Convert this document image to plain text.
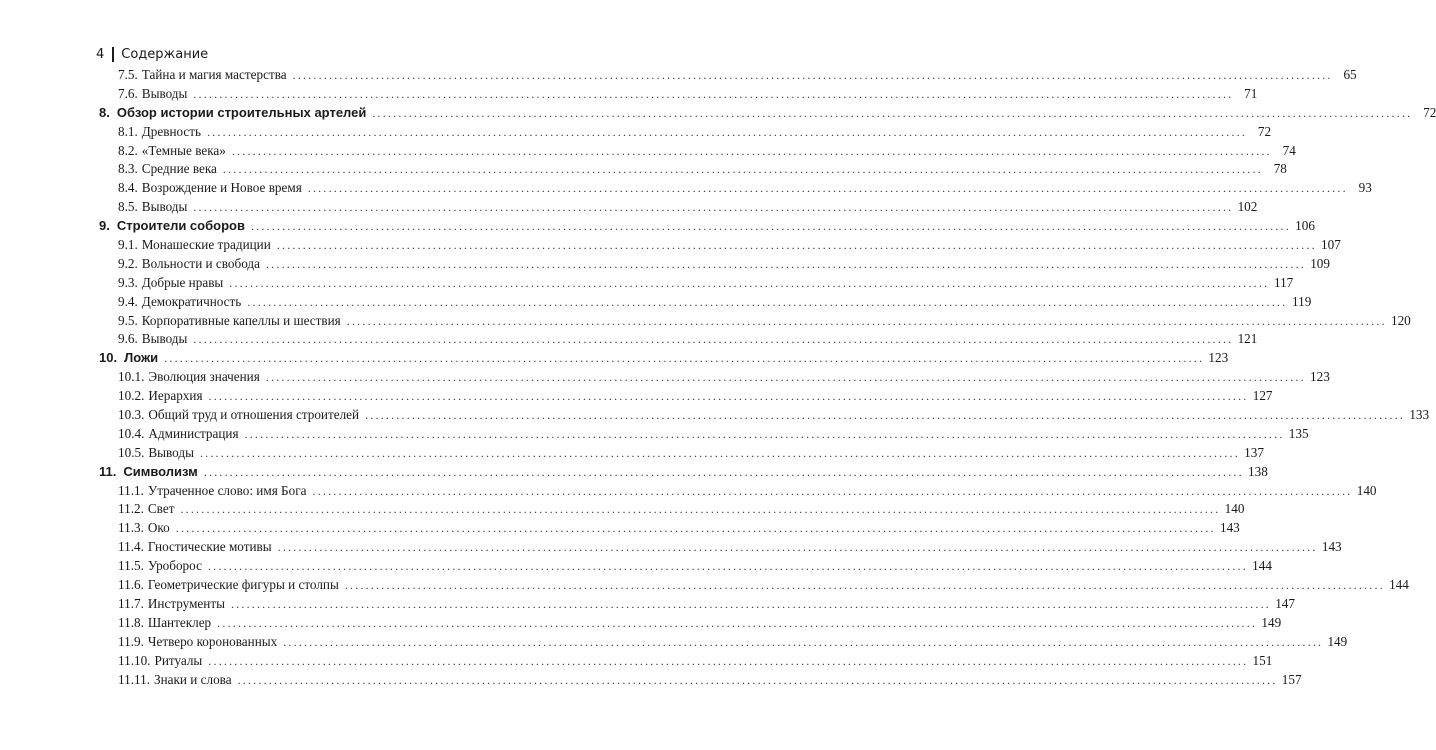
4 Содержание
7.5. Тайна и магия мастерства ........................................................................................................................................................................................................ 65
7.6. Выводы ........................................................................................................................................................................................................ 71
8. Обзор истории строительных артелей ........................................................................................................................................................................................................ 72
8.1. Древность ........................................................................................................................................................................................................ 72
8.2. «Темные века» ........................................................................................................................................................................................................ 74
8.3. Средние века ........................................................................................................................................................................................................ 78
8.4. Возрождение и Новое время ........................................................................................................................................................................................................ 93
8.5. Выводы ........................................................................................................................................................................................................ 102
9. Строители соборов ........................................................................................................................................................................................................ 106
9.1. Монашеские традиции ........................................................................................................................................................................................................ 107
9.2. Вольности и свобода ........................................................................................................................................................................................................ 109
9.3. Добрые нравы ........................................................................................................................................................................................................ 117
9.4. Демократичность ........................................................................................................................................................................................................ 119
9.5. Корпоративные капеллы и шествия ........................................................................................................................................................................................................ 120
9.6. Выводы ........................................................................................................................................................................................................ 121
10. Ложи ........................................................................................................................................................................................................ 123
10.1. Эволюция значения ........................................................................................................................................................................................................ 123
10.2. Иерархия ........................................................................................................................................................................................................ 127
10.3. Общий труд и отношения строителей ........................................................................................................................................................................................................ 133
10.4. Администрация ........................................................................................................................................................................................................ 135
10.5. Выводы ........................................................................................................................................................................................................ 137
11. Символизм ........................................................................................................................................................................................................ 138
11.1. Утраченное слово: имя Бога ........................................................................................................................................................................................................ 140
11.2. Свет ........................................................................................................................................................................................................ 140
11.3. Око ........................................................................................................................................................................................................ 143
11.4. Гностические мотивы ........................................................................................................................................................................................................ 143
11.5. Уроборос ........................................................................................................................................................................................................ 144
11.6. Геометрические фигуры и столпы ........................................................................................................................................................................................................ 144
11.7. Инструменты ........................................................................................................................................................................................................ 147
11.8. Шантеклер ........................................................................................................................................................................................................ 149
11.9. Четверо коронованных ........................................................................................................................................................................................................ 149
11.10. Ритуалы ........................................................................................................................................................................................................ 151
11.11. Знаки и слова ........................................................................................................................................................................................................ 157
